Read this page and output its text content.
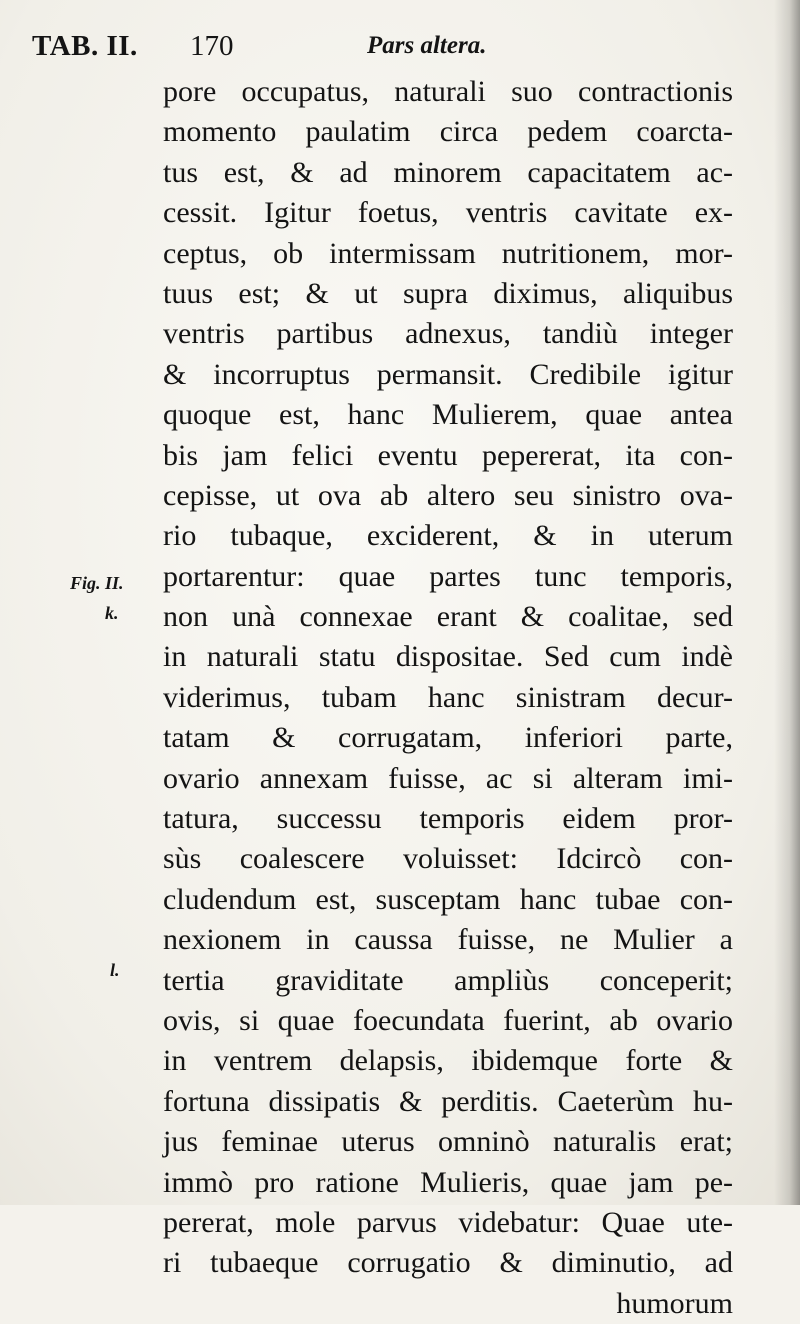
TAB. II. 170	Pars altera.
Fig. II.
k.
l.
pore occupatus, naturali suo contractionis
momento paulatim circa pedem coarcta-
tus est, & ad minorem capacitatem ac-
cessit. Igitur foetus, ventris cavitate ex-
ceptus, ob intermissam nutritionem, mor-
tuus est; & ut supra diximus, aliquibus
ventris partibus adnexus, tandiù integer
& incorruptus permansit. Credibile igitur
quoque est, hanc Mulierem, quae antea
bis jam felici eventu pepererat, ita con-
cepisse, ut ova ab altero seu sinistro ova-
rio tubaque, exciderent, & in uterum
portarentur: quae partes tunc temporis,
non unà connexae erant & coalitae, sed
in naturali statu dispositae. Sed cum indè
viderimus, tubam hanc sinistram decur-
tatam & corrugatam, inferiori parte,
ovario annexam fuisse, ac si alteram imi-
tatura, successu temporis eidem pror-
sùs coalescere voluisset: Idcircò con-
cludendum est, susceptam hanc tubae con-
nexionem in caussa fuisse, ne Mulier a
tertia graviditate ampliùs conceperit;
ovis, si quae foecundata fuerint, ab ovario
in ventrem delapsis, ibidemque forte &
fortuna dissipatis & perditis. Caeterùm hu-
jus feminae uterus omninò naturalis erat;
immò pro ratione Mulieris, quae jam pe-
pererat, mole parvus videbatur: Quae ute-
ri tubaeque corrugatio & diminutio, ad
humorum
